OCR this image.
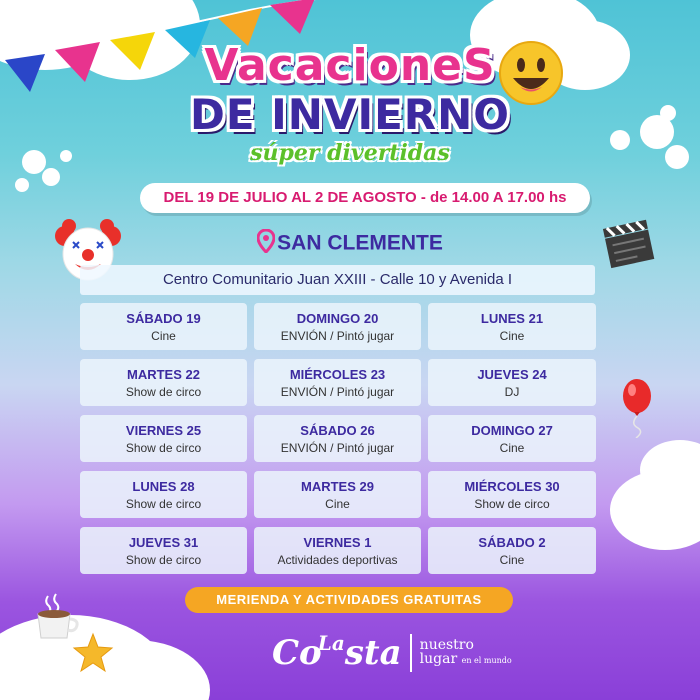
VacacioneS
DE INVIERNO
súper divertidas
DEL 19 DE JULIO AL 2 DE AGOSTO - de 14.00 A 17.00 hs
SAN CLEMENTE
Centro Comunitario Juan XXIII - Calle 10 y Avenida I
SÁBADO 19
Cine
DOMINGO 20
ENVIÓN / Pintó jugar
LUNES 21
Cine
MARTES 22
Show de circo
MIÉRCOLES 23
ENVIÓN / Pintó jugar
JUEVES 24
DJ
VIERNES 25
Show de circo
SÁBADO 26
ENVIÓN / Pintó jugar
DOMINGO 27
Cine
LUNES 28
Show de circo
MARTES 29
Cine
MIÉRCOLES 30
Show de circo
JUEVES 31
Show de circo
VIERNES 1
Actividades deportivas
SÁBADO 2
Cine
MERIENDA Y ACTIVIDADES GRATUITAS
Co
La sta nuestro
lugar en el mundo
